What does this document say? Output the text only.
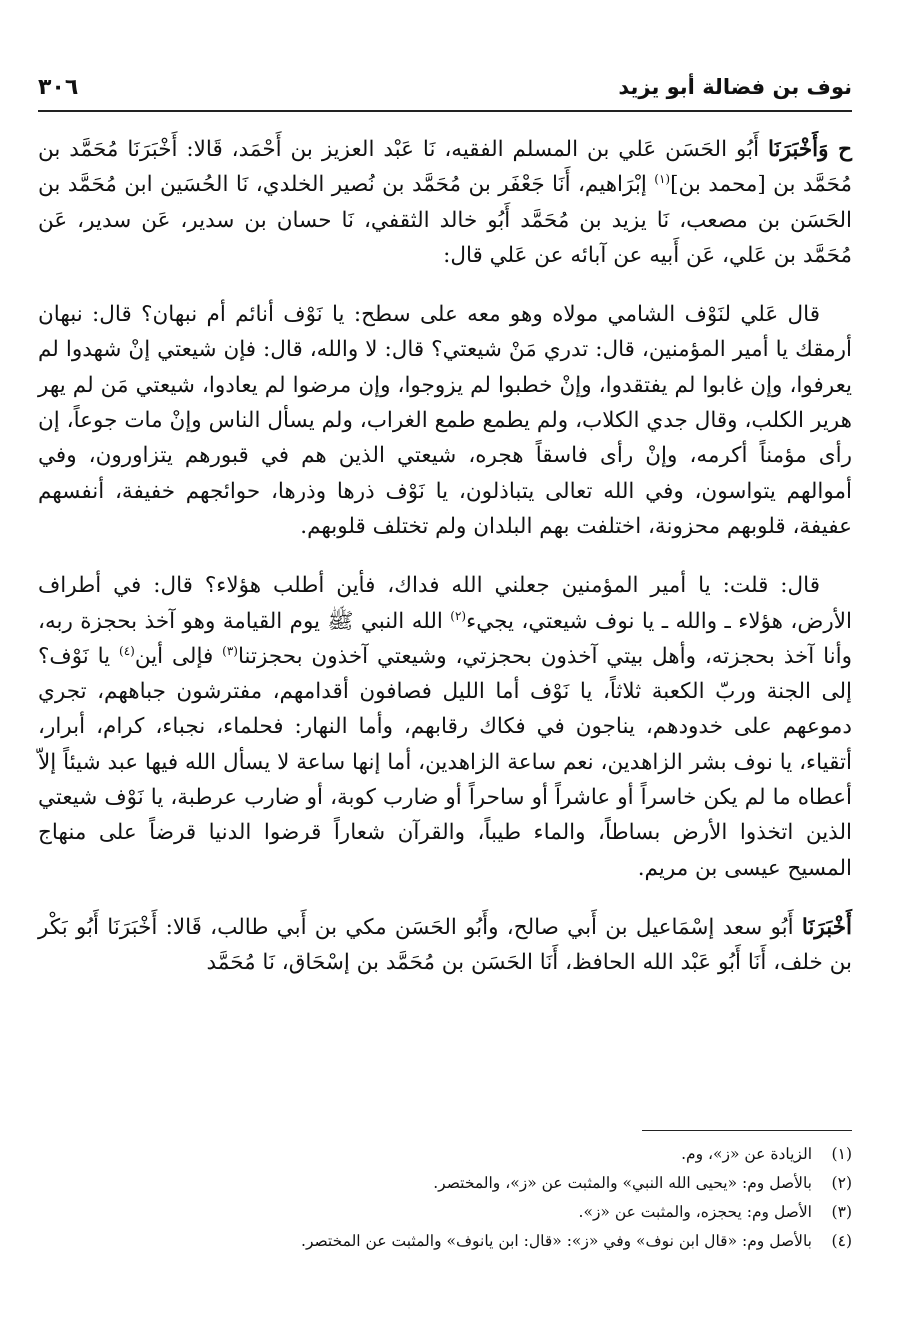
٣٠٦	نوف بن فضالة أبو يزيد

ح وَأَخْبَرَنَا أَبُو الحَسَن عَلي بن المسلم الفقيه، نَا عَبْد العزيز بن أَحْمَد، قَالا: أَخْبَرَنَا مُحَمَّد بن مُحَمَّد بن [محمد بن]$^{(١)}$ إبْرَاهيم، أَنَا جَعْفَر بن مُحَمَّد بن نُصير الخلدي، نَا الحُسَين ابن مُحَمَّد بن الحَسَن بن مصعب، نَا يزيد بن مُحَمَّد أَبُو خالد الثقفي، نَا حسان بن سدير، عَن سدير، عَن مُحَمَّد بن عَلي، عَن أَبيه عن آبائه عن عَلي قال:

قال عَلي لنَوْف الشامي مولاه وهو معه على سطح: يا نَوْف أنائم أم نبهان؟ قال: نبهان أرمقك يا أمير المؤمنين، قال: تدري مَنْ شيعتي؟ قال: لا والله، قال: فإن شيعتي إنْ شهدوا لم يعرفوا، وإن غابوا لم يفتقدوا، وإنْ خطبوا لم يزوجوا، وإن مرضوا لم يعادوا، شيعتي مَن لم يهر هرير الكلب، وقال جدي الكلاب، ولم يطمع طمع الغراب، ولم يسأل الناس وإنْ مات جوعاً، إن رأى مؤمناً أكرمه، وإنْ رأى فاسقاً هجره، شيعتي الذين هم في قبورهم يتزاورون، وفي أموالهم يتواسون، وفي الله تعالى يتباذلون، يا نَوْف ذرها وذرها، حوائجهم خفيفة، أنفسهم عفيفة، قلوبهم محزونة، اختلفت بهم البلدان ولم تختلف قلوبهم.

قال: قلت: يا أمير المؤمنين جعلني الله فداك، فأين أطلب هؤلاء؟ قال: في أطراف الأرض، هؤلاء ـ والله ـ يا نوف شيعتي، يجيء$^{(٢)}$ الله النبي ﷺ يوم القيامة وهو آخذ بحجزة ربه، وأنا آخذ بحجزته، وأهل بيتي آخذون بحجزتي، وشيعتي آخذون بحجزتنا$^{(٣)}$ فإلى أين$^{(٤)}$ يا نَوْف؟ إلى الجنة وربّ الكعبة ثلاثاً، يا نَوْف أما الليل فصافون أقدامهم، مفترشون جباههم، تجري دموعهم على خدودهم، يناجون في فكاك رقابهم، وأما النهار: فحلماء، نجباء، كرام، أبرار، أتقياء، يا نوف بشر الزاهدين، نعم ساعة الزاهدين، أما إنها ساعة لا يسأل الله فيها عبد شيئاً إلاّ أعطاه ما لم يكن خاسراً أو عاشراً أو ساحراً أو ضارب كوبة، أو ضارب عرطبة، يا نَوْف شيعتي الذين اتخذوا الأرض بساطاً، والماء طيباً، والقرآن شعاراً قرضوا الدنيا قرضاً على منهاج المسيح عيسى بن مريم.

أَخْبَرَنَا أَبُو سعد إسْمَاعيل بن أَبي صالح، وأَبُو الحَسَن مكي بن أَبي طالب، قَالا: أَخْبَرَنَا أَبُو بَكْر بن خلف، أَنَا أَبُو عَبْد الله الحافظ، أَنَا الحَسَن بن مُحَمَّد بن إسْحَاق، نَا مُحَمَّد

(١)
الزيادة عن «ز»، وم.
(٢)
بالأصل وم: «يحيى الله النبي» والمثبت عن «ز»، والمختصر.
(٣)
الأصل وم: يحجزه، والمثبت عن «ز».
(٤)
بالأصل وم: «قال ابن نوف» وفي «ز»: «قال: ابن يانوف» والمثبت عن المختصر.
